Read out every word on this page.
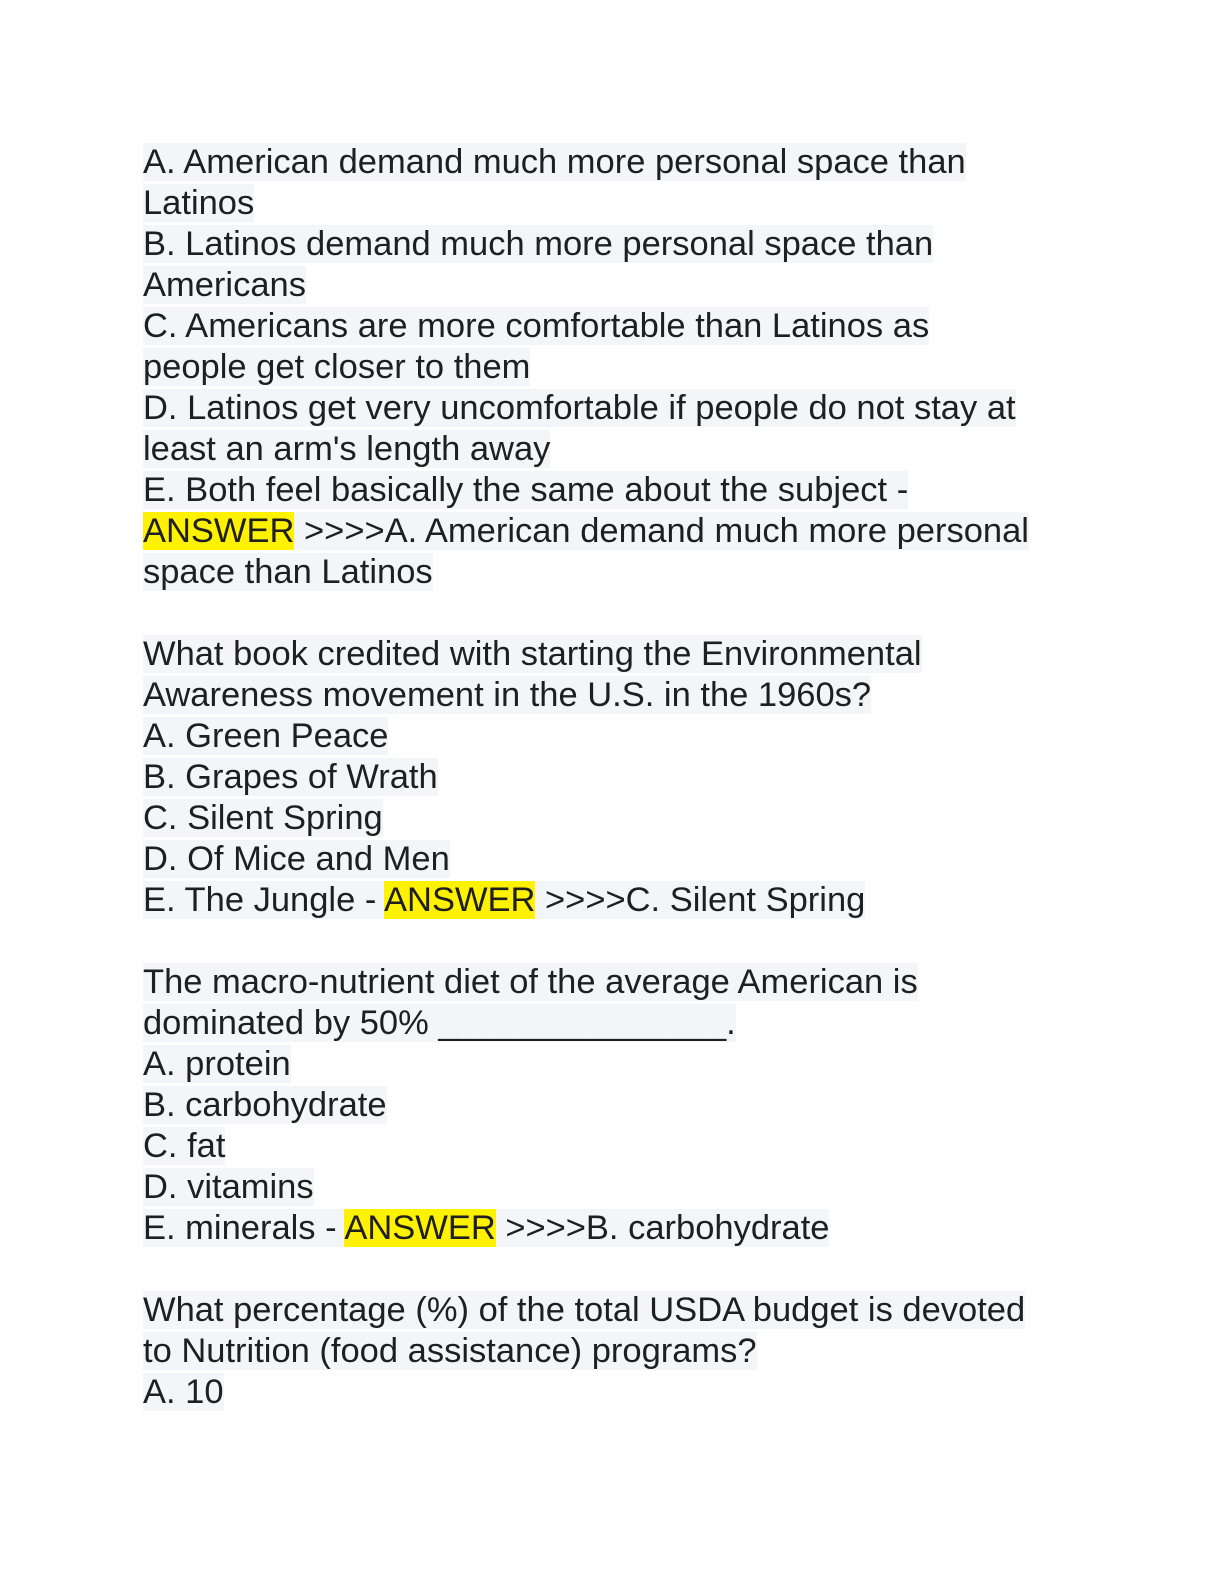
A. American demand much more personal space than
Latinos
B. Latinos demand much more personal space than
Americans
C. Americans are more comfortable than Latinos as
people get closer to them
D. Latinos get very uncomfortable if people do not stay at
least an arm's length away
E. Both feel basically the same about the subject -
ANSWER >>>>A. American demand much more personal
space than Latinos
What book credited with starting the Environmental
Awareness movement in the U.S. in the 1960s?
A. Green Peace
B. Grapes of Wrath
C. Silent Spring
D. Of Mice and Men
E. The Jungle - ANSWER >>>>C. Silent Spring
The macro-nutrient diet of the average American is
dominated by 50% _______________.
A. protein
B. carbohydrate
C. fat
D. vitamins
E. minerals - ANSWER >>>>B. carbohydrate
What percentage (%) of the total USDA budget is devoted
to Nutrition (food assistance) programs?
A. 10
